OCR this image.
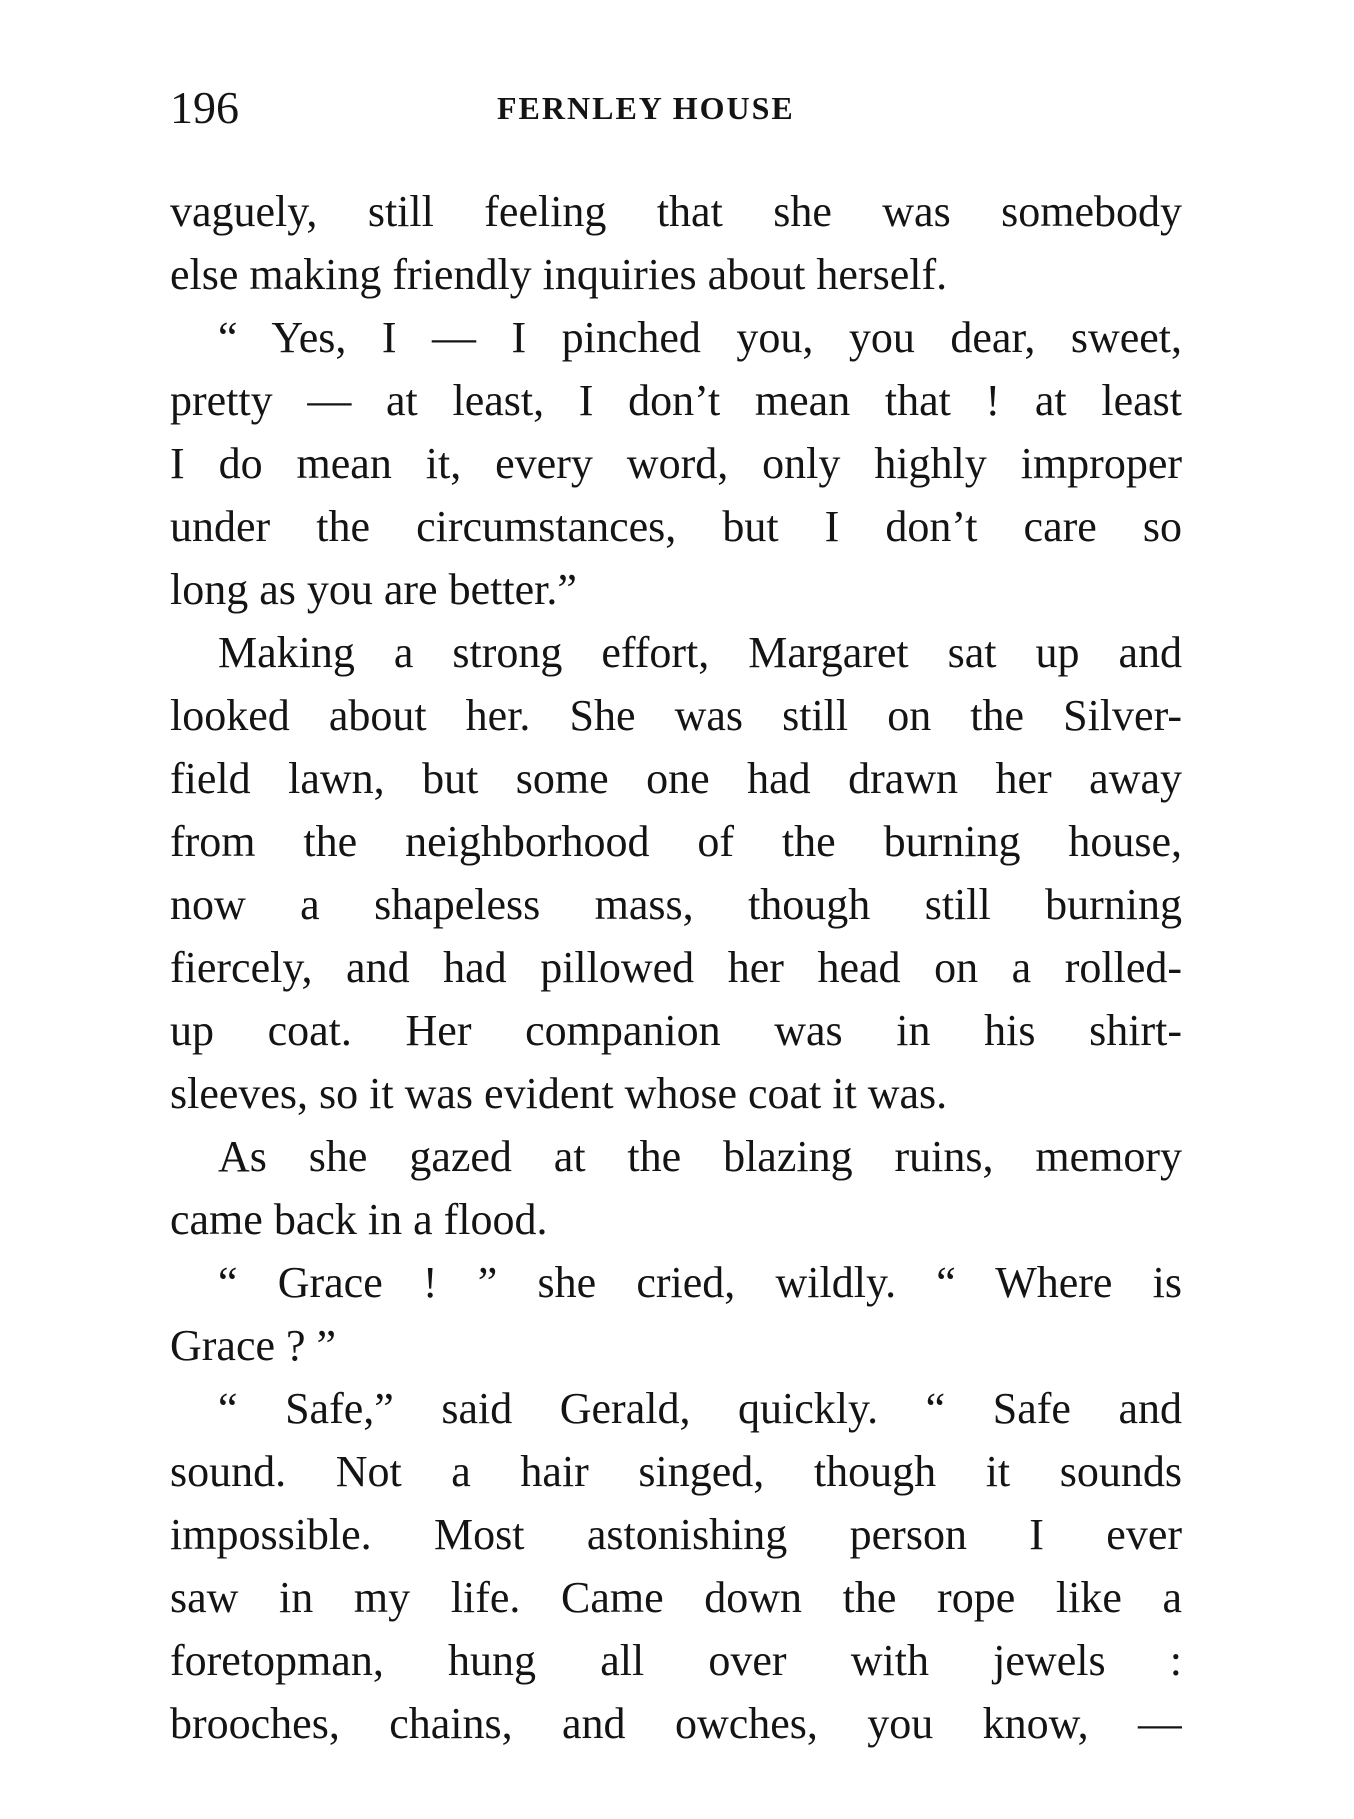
196	FERNLEY HOUSE
vaguely, still feeling that she was somebody
else making friendly inquiries about herself.
“ Yes, I — I pinched you, you dear, sweet,
pretty — at least, I don’t mean that ! at least
I do mean it, every word, only highly improper
under the circumstances, but I don’t care so
long as you are better.”
Making a strong effort, Margaret sat up and
looked about her. She was still on the Silver-
field lawn, but some one had drawn her away
from the neighborhood of the burning house,
now a shapeless mass, though still burning
fiercely, and had pillowed her head on a rolled-
up coat. Her companion was in his shirt-
sleeves, so it was evident whose coat it was.
As she gazed at the blazing ruins, memory
came back in a flood.
“ Grace ! ” she cried, wildly. “ Where is
Grace ? ”
“ Safe,” said Gerald, quickly. “ Safe and
sound. Not a hair singed, though it sounds
impossible. Most astonishing person I ever
saw in my life. Came down the rope like a
foretopman, hung all over with jewels :
brooches, chains, and owches, you know, —
